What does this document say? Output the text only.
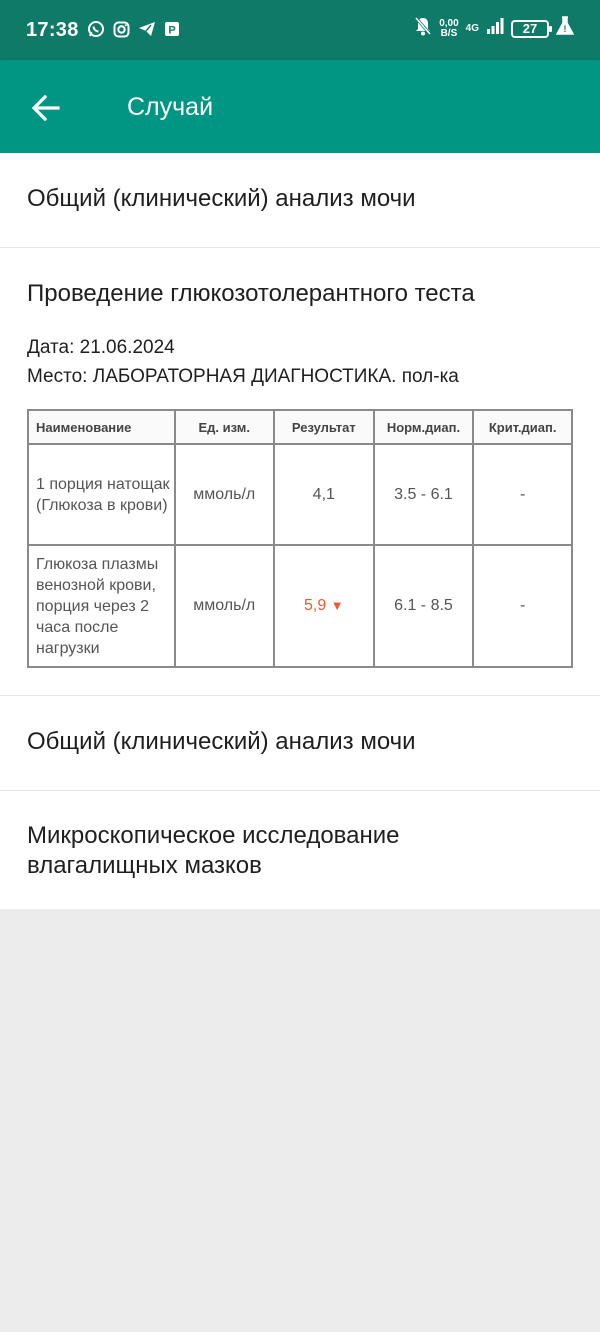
17:38	P
0,00
B/S 4G	27	!
Случай
Общий (клинический) анализ мочи
Проведение глюкозотолерантного теста
Дата: 21.06.2024
Место: ЛАБОРАТОРНАЯ ДИАГНОСТИКА. пол-ка
Наименование	Ед. изм.	Результат	Норм.диап.	Крит.диап.
1 порция натощак (Глюкоза в крови)	ммоль/л	4,1	3.5 - 6.1	-
Глюкоза плазмы венозной крови, порция через 2 часа после нагрузки	ммоль/л	5,9 ▼	6.1 - 8.5	-
Общий (клинический) анализ мочи
Микроскопическое исследование влагалищных мазков
